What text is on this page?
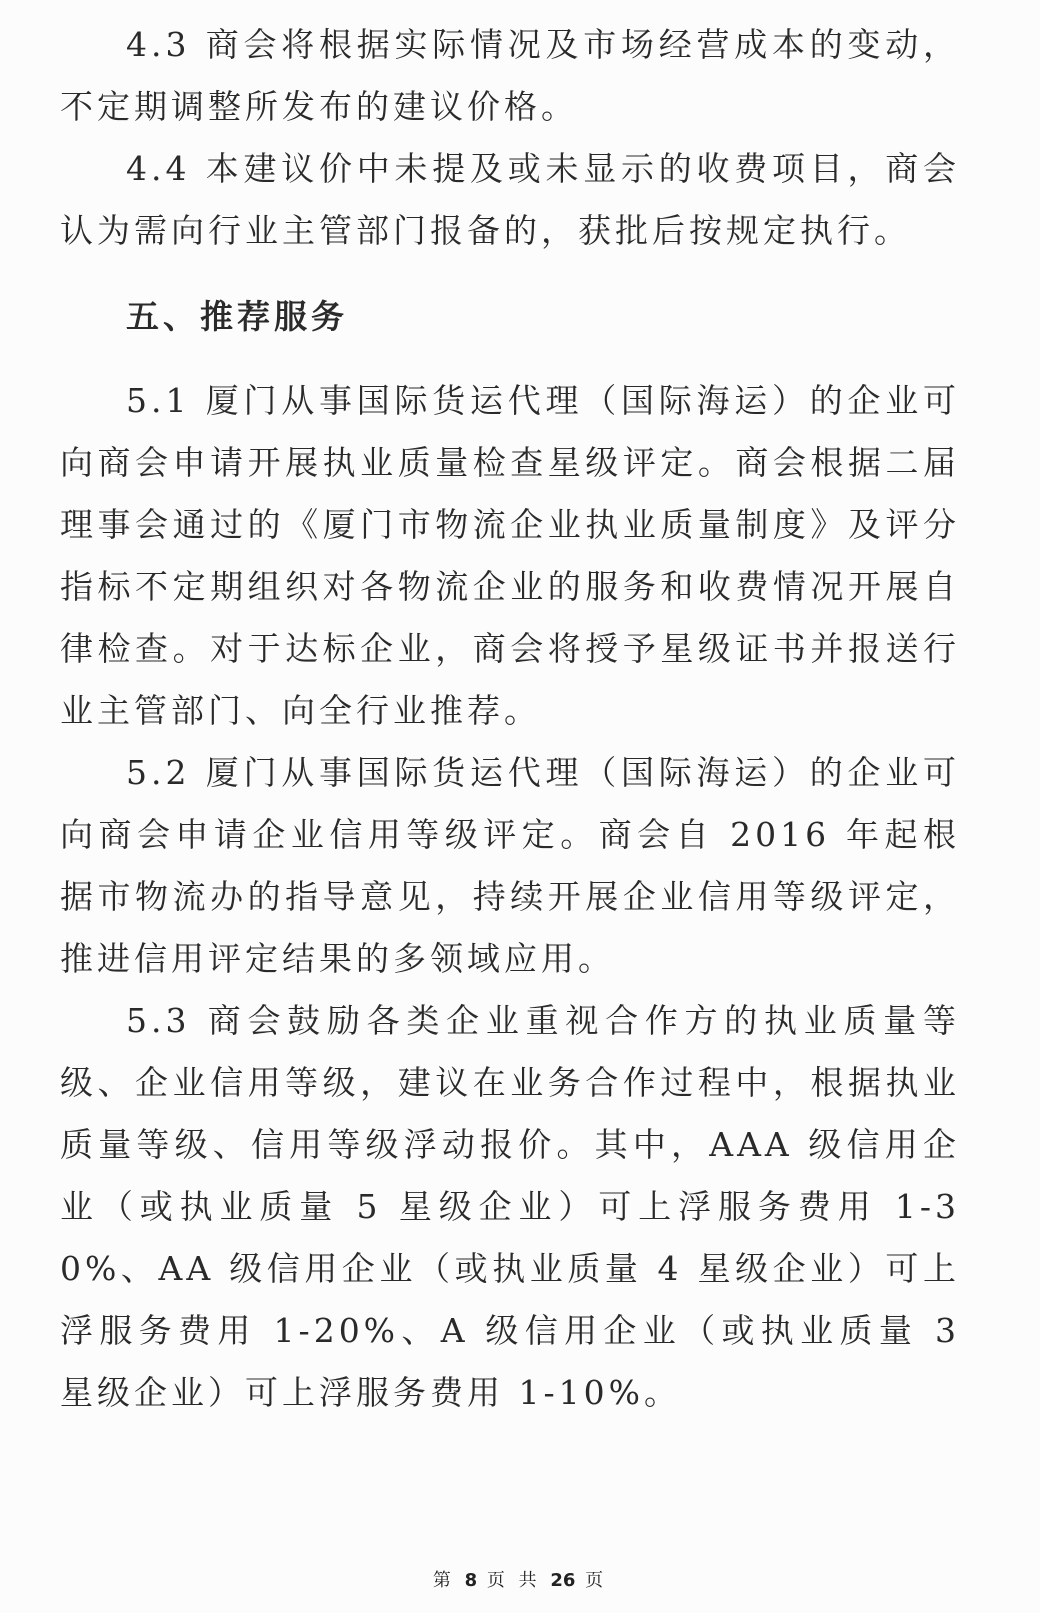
4.3 商会将根据实际情况及市场经营成本的变动，不定期调整所发布的建议价格。

4.4 本建议价中未提及或未显示的收费项目，商会认为需向行业主管部门报备的，获批后按规定执行。

五、推荐服务

5.1 厦门从事国际货运代理（国际海运）的企业可向商会申请开展执业质量检查星级评定。商会根据二届理事会通过的《厦门市物流企业执业质量制度》及评分指标不定期组织对各物流企业的服务和收费情况开展自律检查。对于达标企业，商会将授予星级证书并报送行业主管部门、向全行业推荐。

5.2 厦门从事国际货运代理（国际海运）的企业可向商会申请企业信用等级评定。商会自 2016 年起根据市物流办的指导意见，持续开展企业信用等级评定，推进信用评定结果的多领域应用。

5.3 商会鼓励各类企业重视合作方的执业质量等级、企业信用等级，建议在业务合作过程中，根据执业质量等级、信用等级浮动报价。其中，AAA 级信用企业（或执业质量 5 星级企业）可上浮服务费用 1-30%、AA 级信用企业（或执业质量 4 星级企业）可上浮服务费用 1-20%、A 级信用企业（或执业质量 3 星级企业）可上浮服务费用 1-10%。

第 8 页 共 26 页
